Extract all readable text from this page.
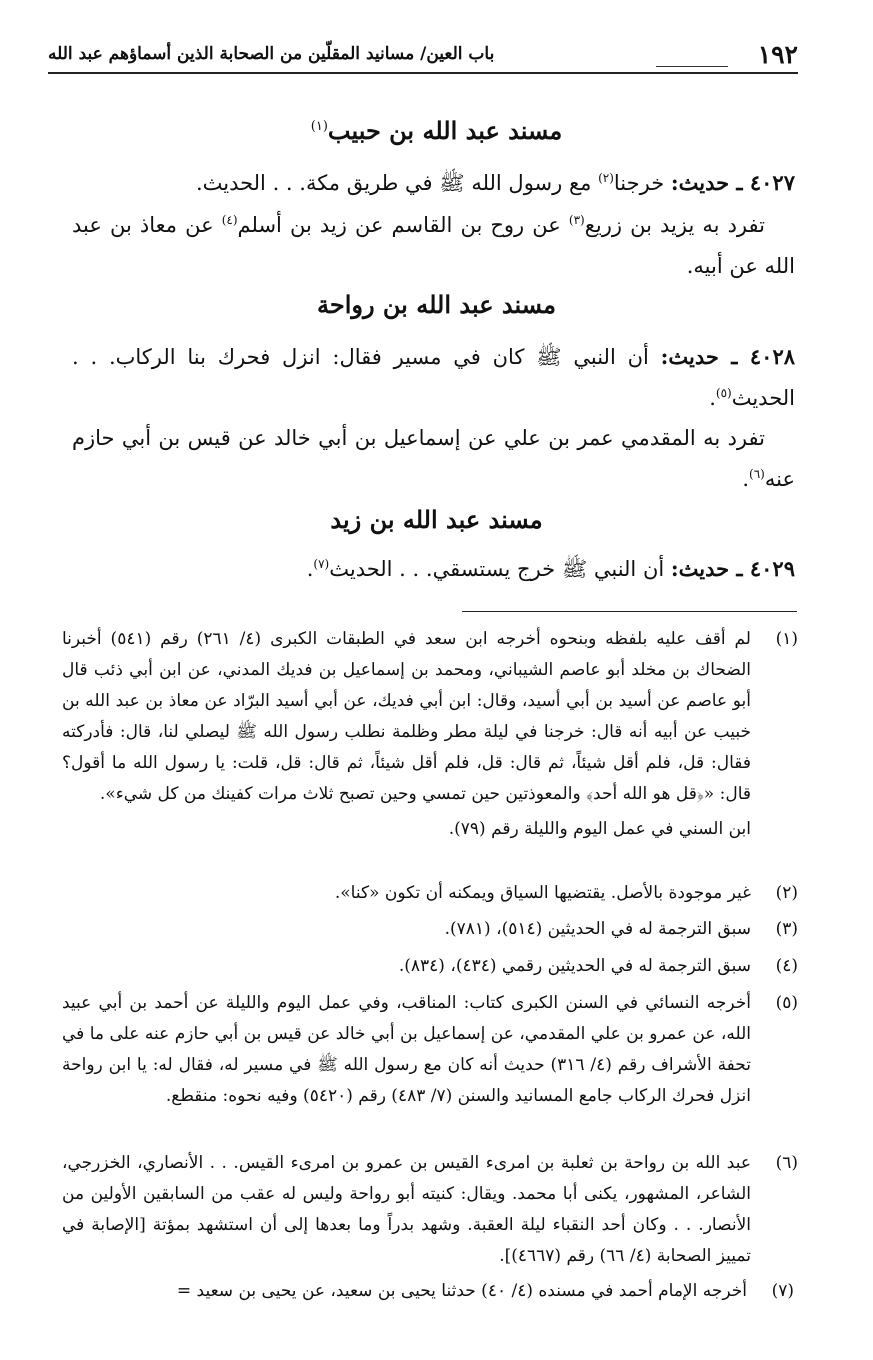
١٩٢
باب العين/ مسانيد المقلّين من الصحابة الذين أسماؤهم عبد الله
مسند عبد الله بن حبيب$^{(١)}$
٤٠٢٧ ـ حديث: خرجنا$^{(٢)}$ مع رسول الله ﷺ في طريق مكة. . . الحديث.
تفرد به يزيد بن زريع$^{(٣)}$ عن روح بن القاسم عن زيد بن أسلم$^{(٤)}$ عن معاذ بن عبد الله عن أبيه.
مسند عبد الله بن رواحة
٤٠٢٨ ـ حديث: أن النبي ﷺ كان في مسير فقال: انزل فحرك بنا الركاب. . . الحديث$^{(٥)}$.
تفرد به المقدمي عمر بن علي عن إسماعيل بن أبي خالد عن قيس بن أبي حازم عنه$^{(٦)}$.
مسند عبد الله بن زيد
٤٠٢٩ ـ حديث: أن النبي ﷺ خرج يستسقي. . . الحديث$^{(٧)}$.
(١)
لم أقف عليه بلفظه وبنحوه أخرجه ابن سعد في الطبقات الكبرى (٤/ ٢٦١) رقم (٥٤١) أخبرنا الضحاك بن مخلد أبو عاصم الشيباني، ومحمد بن إسماعيل بن فديك المدني، عن ابن أبي ذئب قال أبو عاصم عن أسيد بن أبي أسيد، وقال: ابن أبي فديك، عن أبي أسيد البرّاد عن معاذ بن عبد الله بن خبيب عن أبيه أنه قال: خرجنا في ليلة مطر وظلمة نطلب رسول الله ﷺ ليصلي لنا، قال: فأدركته فقال: قل، فلم أقل شيئاً، ثم قال: قل، فلم أقل شيئاً، ثم قال: قل، قلت: يا رسول الله ما أقول؟ قال: «﴿قل هو الله أحد﴾ والمعوذتين حين تمسي وحين تصبح ثلاث مرات كفينك من كل شيء».
ابن السني في عمل اليوم والليلة رقم (٧٩).
(٢)
غير موجودة بالأصل. يقتضيها السياق ويمكنه أن تكون «كنا».
(٣)
سبق الترجمة له في الحديثين (٥١٤)، (٧٨١).
(٤)
سبق الترجمة له في الحديثين رقمي (٤٣٤)، (٨٣٤).
(٥)
أخرجه النسائي في السنن الكبرى كتاب: المناقب، وفي عمل اليوم والليلة عن أحمد بن أبي عبيد الله، عن عمرو بن علي المقدمي، عن إسماعيل بن أبي خالد عن قيس بن أبي حازم عنه على ما في تحفة الأشراف رقم (٤/ ٣١٦) حديث أنه كان مع رسول الله ﷺ في مسير له، فقال له: يا ابن رواحة انزل فحرك الركاب جامع المسانيد والسنن (٧/ ٤٨٣) رقم (٥٤٢٠) وفيه نحوه: منقطع.
(٦)
عبد الله بن رواحة بن ثعلبة بن امرىء القيس بن عمرو بن امرىء القيس. . . الأنصاري، الخزرجي، الشاعر، المشهور، يكنى أبا محمد. ويقال: كنيته أبو رواحة وليس له عقب من السابقين الأولين من الأنصار. . . وكان أحد النقباء ليلة العقبة. وشهد بدراً وما بعدها إلى أن استشهد بمؤتة [الإصابة في تمييز الصحابة (٤/ ٦٦) رقم (٤٦٦٧)].
(٧)
أخرجه الإمام أحمد في مسنده (٤/ ٤٠) حدثنا يحيى بن سعيد، عن يحيى بن سعيد =
